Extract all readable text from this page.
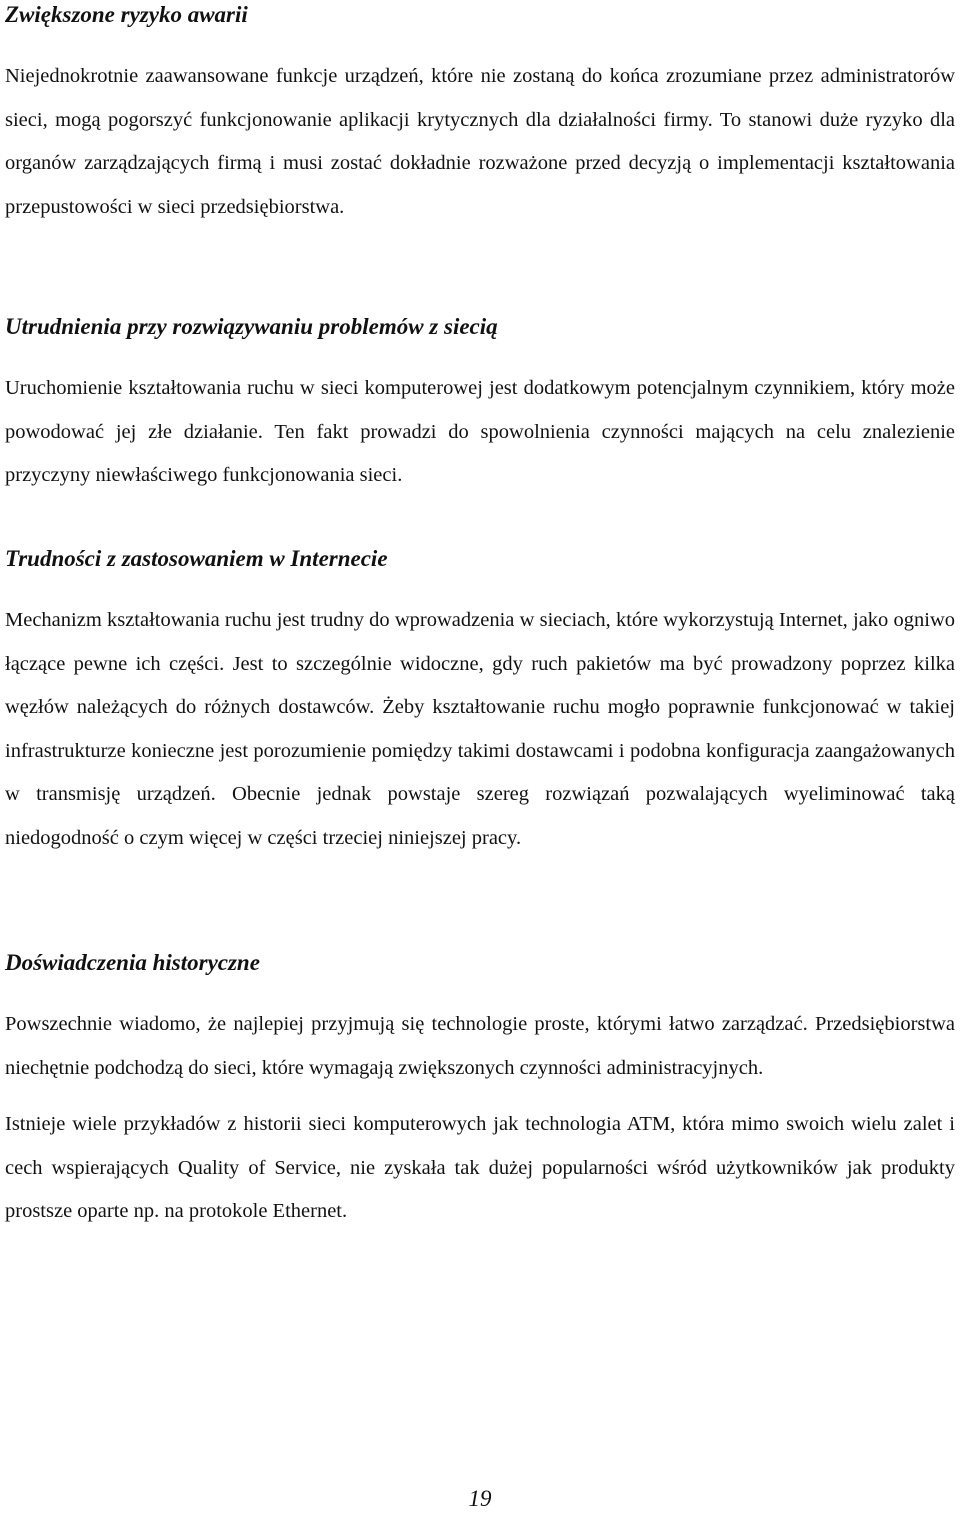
Zwiększone ryzyko awarii

Niejednokrotnie zaawansowane funkcje urządzeń, które nie zostaną do końca zrozumiane przez administratorów sieci, mogą pogorszyć funkcjonowanie aplikacji krytycznych dla działalności firmy. To stanowi duże ryzyko dla organów zarządzających firmą i musi zostać dokładnie rozważone przed decyzją o implementacji kształtowania przepustowości w sieci przedsiębiorstwa.

Utrudnienia przy rozwiązywaniu problemów z siecią

Uruchomienie kształtowania ruchu w sieci komputerowej jest dodatkowym potencjalnym czynnikiem, który może powodować jej złe działanie. Ten fakt prowadzi do spowolnienia czynności mających na celu znalezienie przyczyny niewłaściwego funkcjonowania sieci.

Trudności z zastosowaniem w Internecie

Mechanizm kształtowania ruchu jest trudny do wprowadzenia w sieciach, które wykorzystują Internet, jako ogniwo łączące pewne ich części. Jest to szczególnie widoczne, gdy ruch pakietów ma być prowadzony poprzez kilka węzłów należących do różnych dostawców. Żeby kształtowanie ruchu mogło poprawnie funkcjonować w takiej infrastrukturze konieczne jest porozumienie pomiędzy takimi dostawcami i podobna konfiguracja zaangażowanych w transmisję urządzeń. Obecnie jednak powstaje szereg rozwiązań pozwalających wyeliminować taką niedogodność o czym więcej w części trzeciej niniejszej pracy.

Doświadczenia historyczne

Powszechnie wiadomo, że najlepiej przyjmują się technologie proste, którymi łatwo zarządzać. Przedsiębiorstwa niechętnie podchodzą do sieci, które wymagają zwiększonych czynności administracyjnych.

Istnieje wiele przykładów z historii sieci komputerowych jak technologia ATM, która mimo swoich wielu zalet i cech wspierających Quality of Service, nie zyskała tak dużej popularności wśród użytkowników jak produkty prostsze oparte np. na protokole Ethernet.

19
